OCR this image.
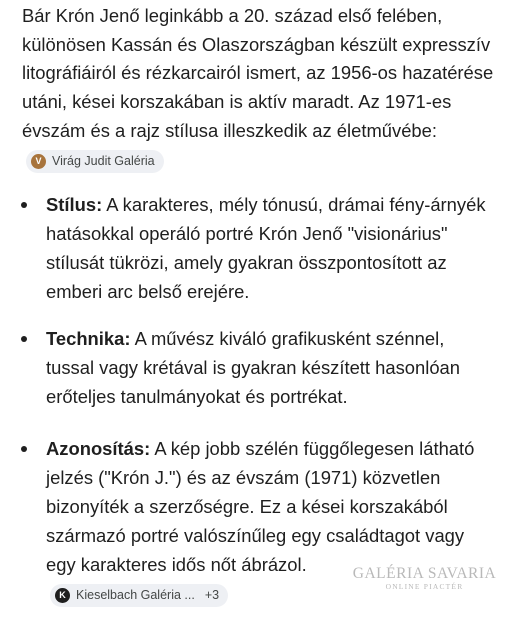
Bár Krón Jenő leginkább a 20. század első felében, különösen Kassán és Olaszországban készült expresszív litográfiáiról és rézkarcairól ismert, az 1956-os hazatérése utáni, kései korszakában is aktív maradt. Az 1971-es évszám és a rajz stílusa illeszkedik az életművébe:
V Virág Judit Galéria
Stílus: A karakteres, mély tónusú, drámai fény-árnyék hatásokkal operáló portré Krón Jenő "visionárius" stílusát tükrözi, amely gyakran összpontosított az emberi arc belső erejére.
Technika: A művész kiváló grafikusként szénnel, tussal vagy krétával is gyakran készített hasonlóan erőteljes tanulmányokat és portrékat.
Azonosítás: A kép jobb szélén függőlegesen látható jelzés ("Krón J.") és az évszám (1971) közvetlen bizonyíték a szerzőségre. Ez a kései korszakából származó portré valószínűleg egy családtagot vagy egy karakteres idős nőt ábrázol.
K Kieselbach Galéria ... +3
GALÉRIA SAVARIA
ONLINE PIACTÉR
